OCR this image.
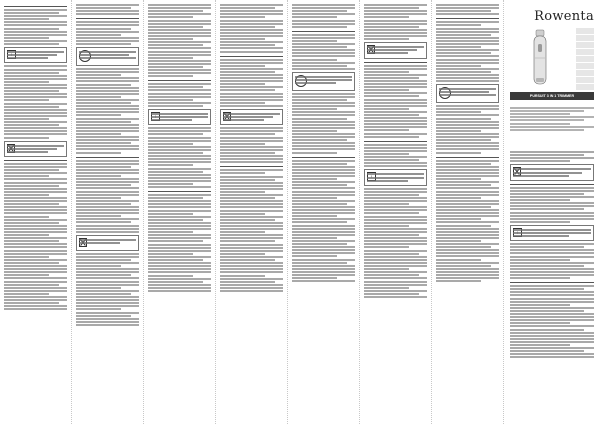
Rowenta
PURSUIT 3 IN 1 TRIMMER
